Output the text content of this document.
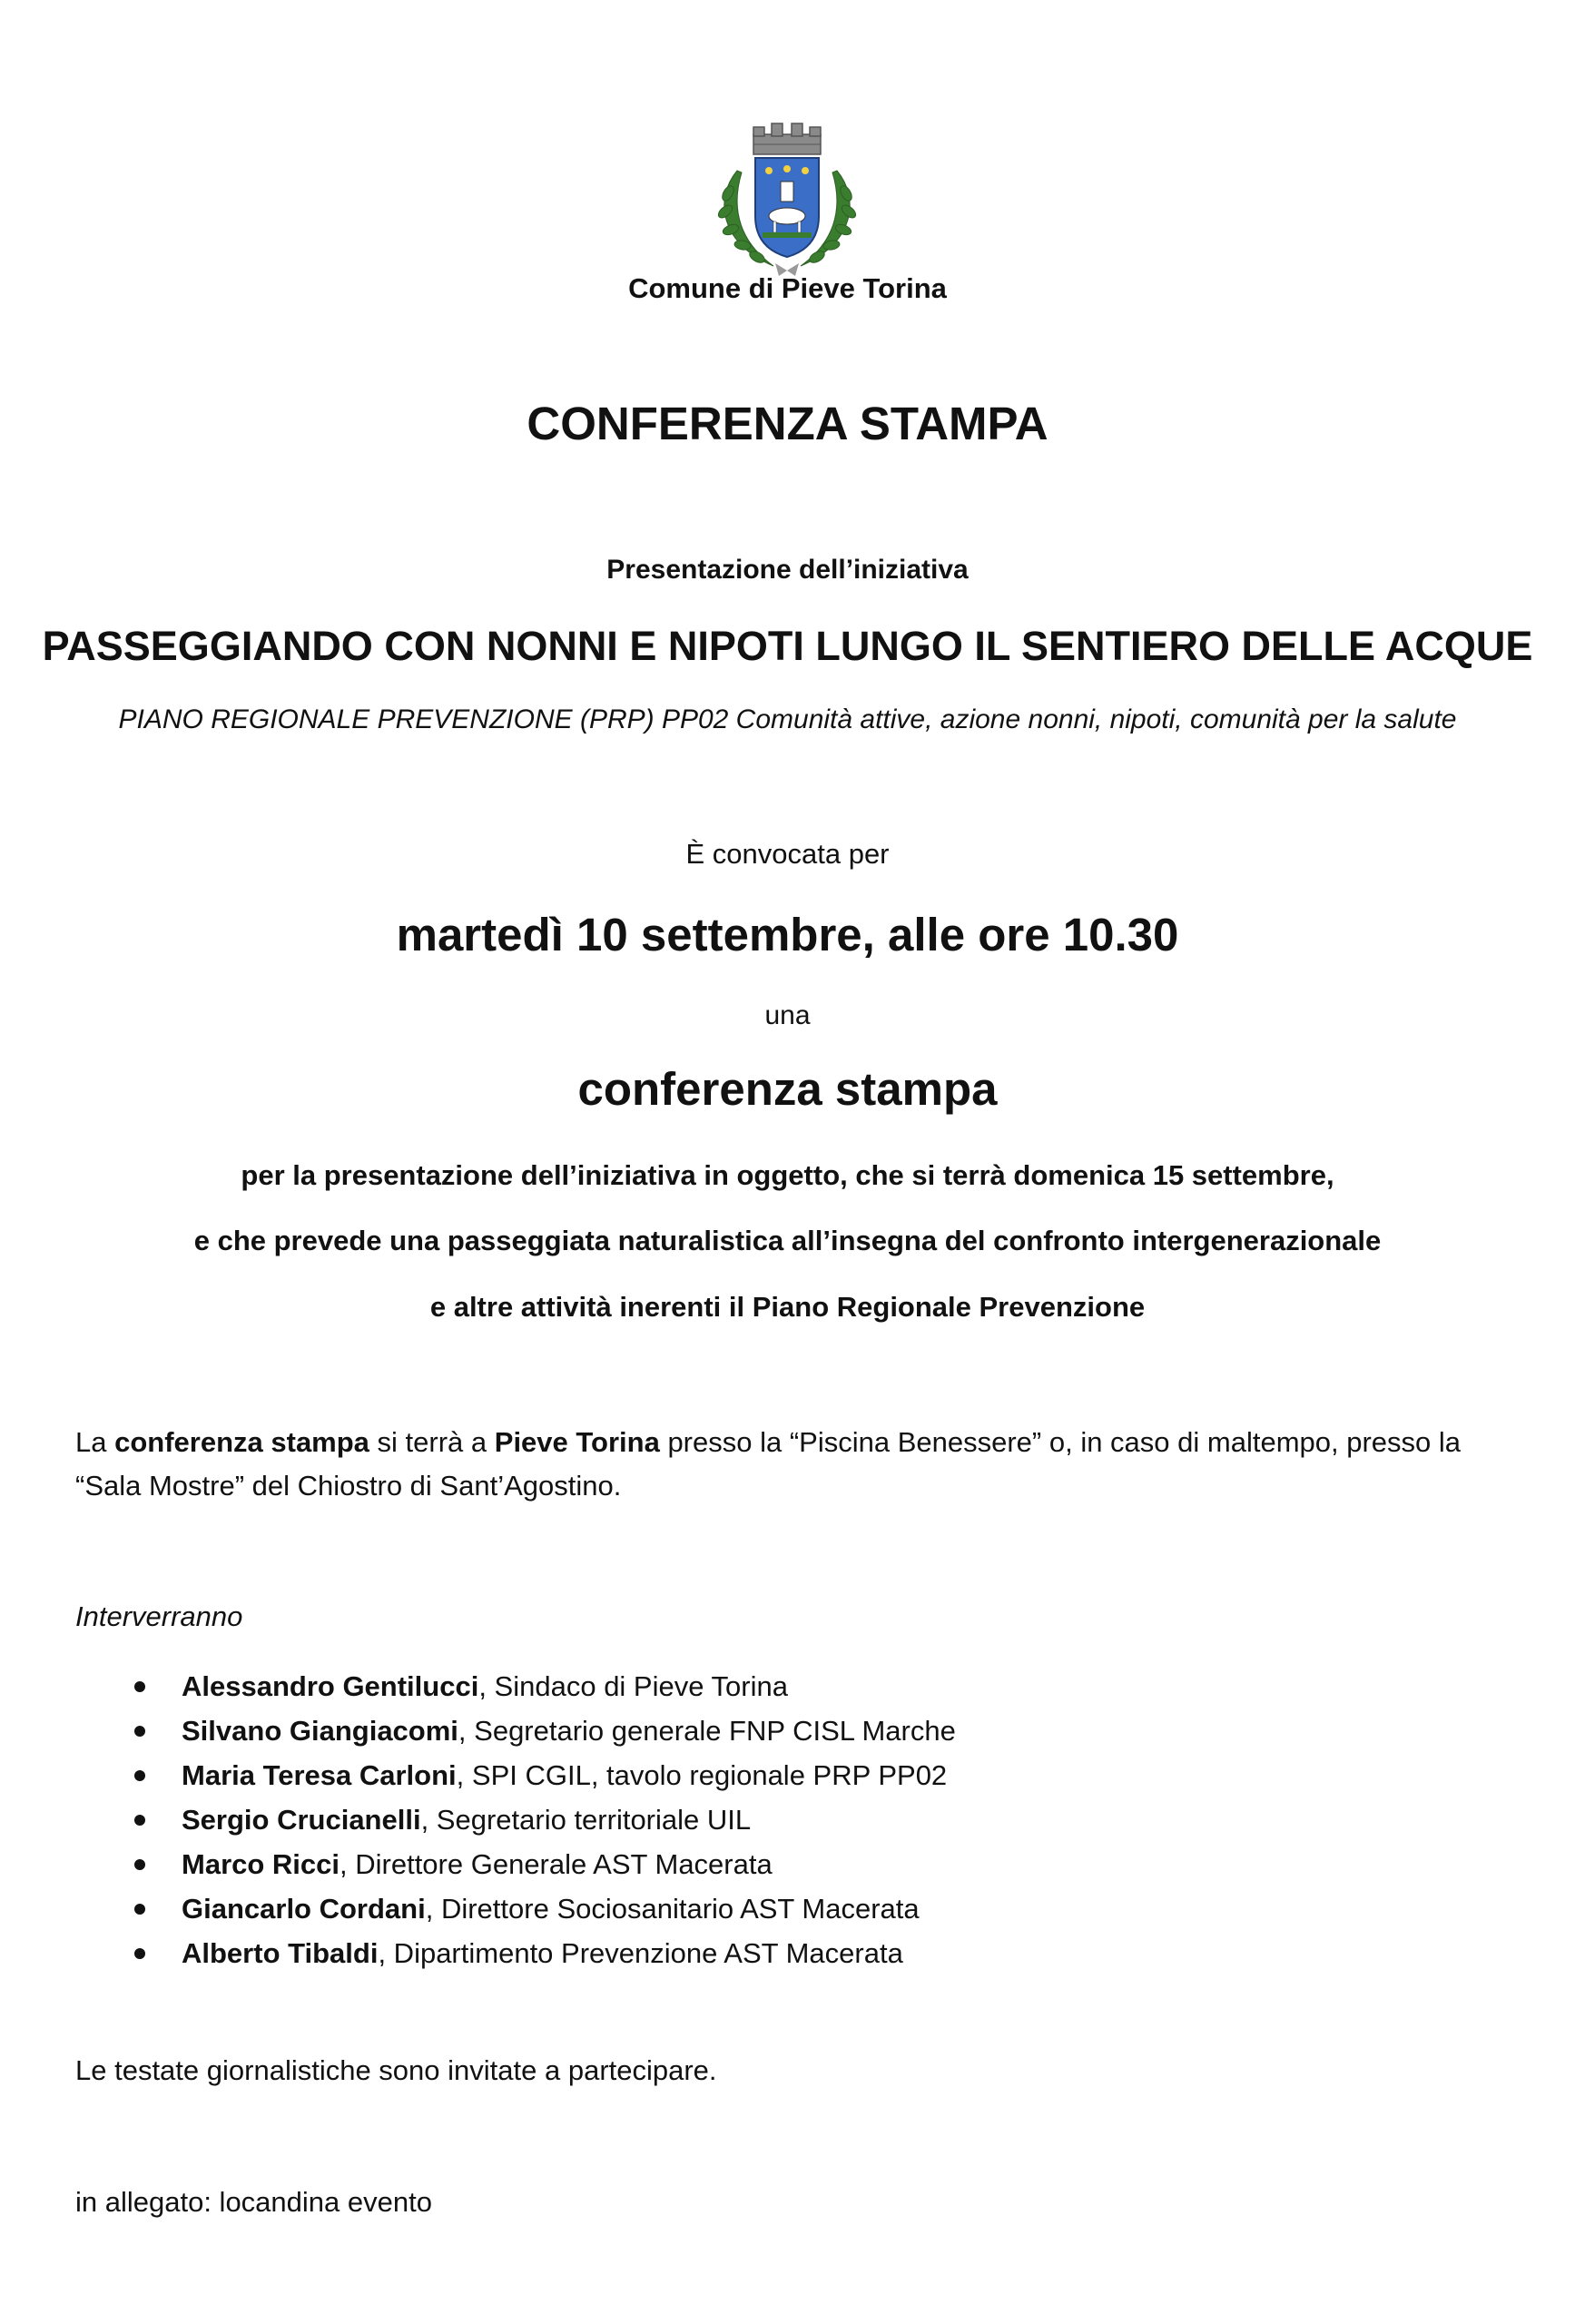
Comune di Pieve Torina
CONFERENZA STAMPA
Presentazione dell’iniziativa
PASSEGGIANDO CON NONNI E NIPOTI LUNGO IL SENTIERO DELLE ACQUE
PIANO REGIONALE PREVENZIONE (PRP) PP02 Comunità attive, azione nonni, nipoti, comunità per la salute
È convocata per
martedì 10 settembre, alle ore 10.30
una
conferenza stampa
per la presentazione dell’iniziativa in oggetto, che si terrà domenica 15 settembre,
e che prevede una passeggiata naturalistica all’insegna del confronto intergenerazionale
e altre attività inerenti il Piano Regionale Prevenzione
La conferenza stampa si terrà a Pieve Torina presso la “Piscina Benessere” o, in caso di maltempo, presso la
“Sala Mostre” del Chiostro di Sant’Agostino.
Interverranno
Alessandro Gentilucci, Sindaco di Pieve Torina
Silvano Giangiacomi, Segretario generale FNP CISL Marche
Maria Teresa Carloni, SPI CGIL, tavolo regionale PRP PP02
Sergio Crucianelli, Segretario territoriale UIL
Marco Ricci, Direttore Generale AST Macerata
Giancarlo Cordani, Direttore Sociosanitario AST Macerata
Alberto Tibaldi, Dipartimento Prevenzione AST Macerata
Le testate giornalistiche sono invitate a partecipare.
in allegato: locandina evento
